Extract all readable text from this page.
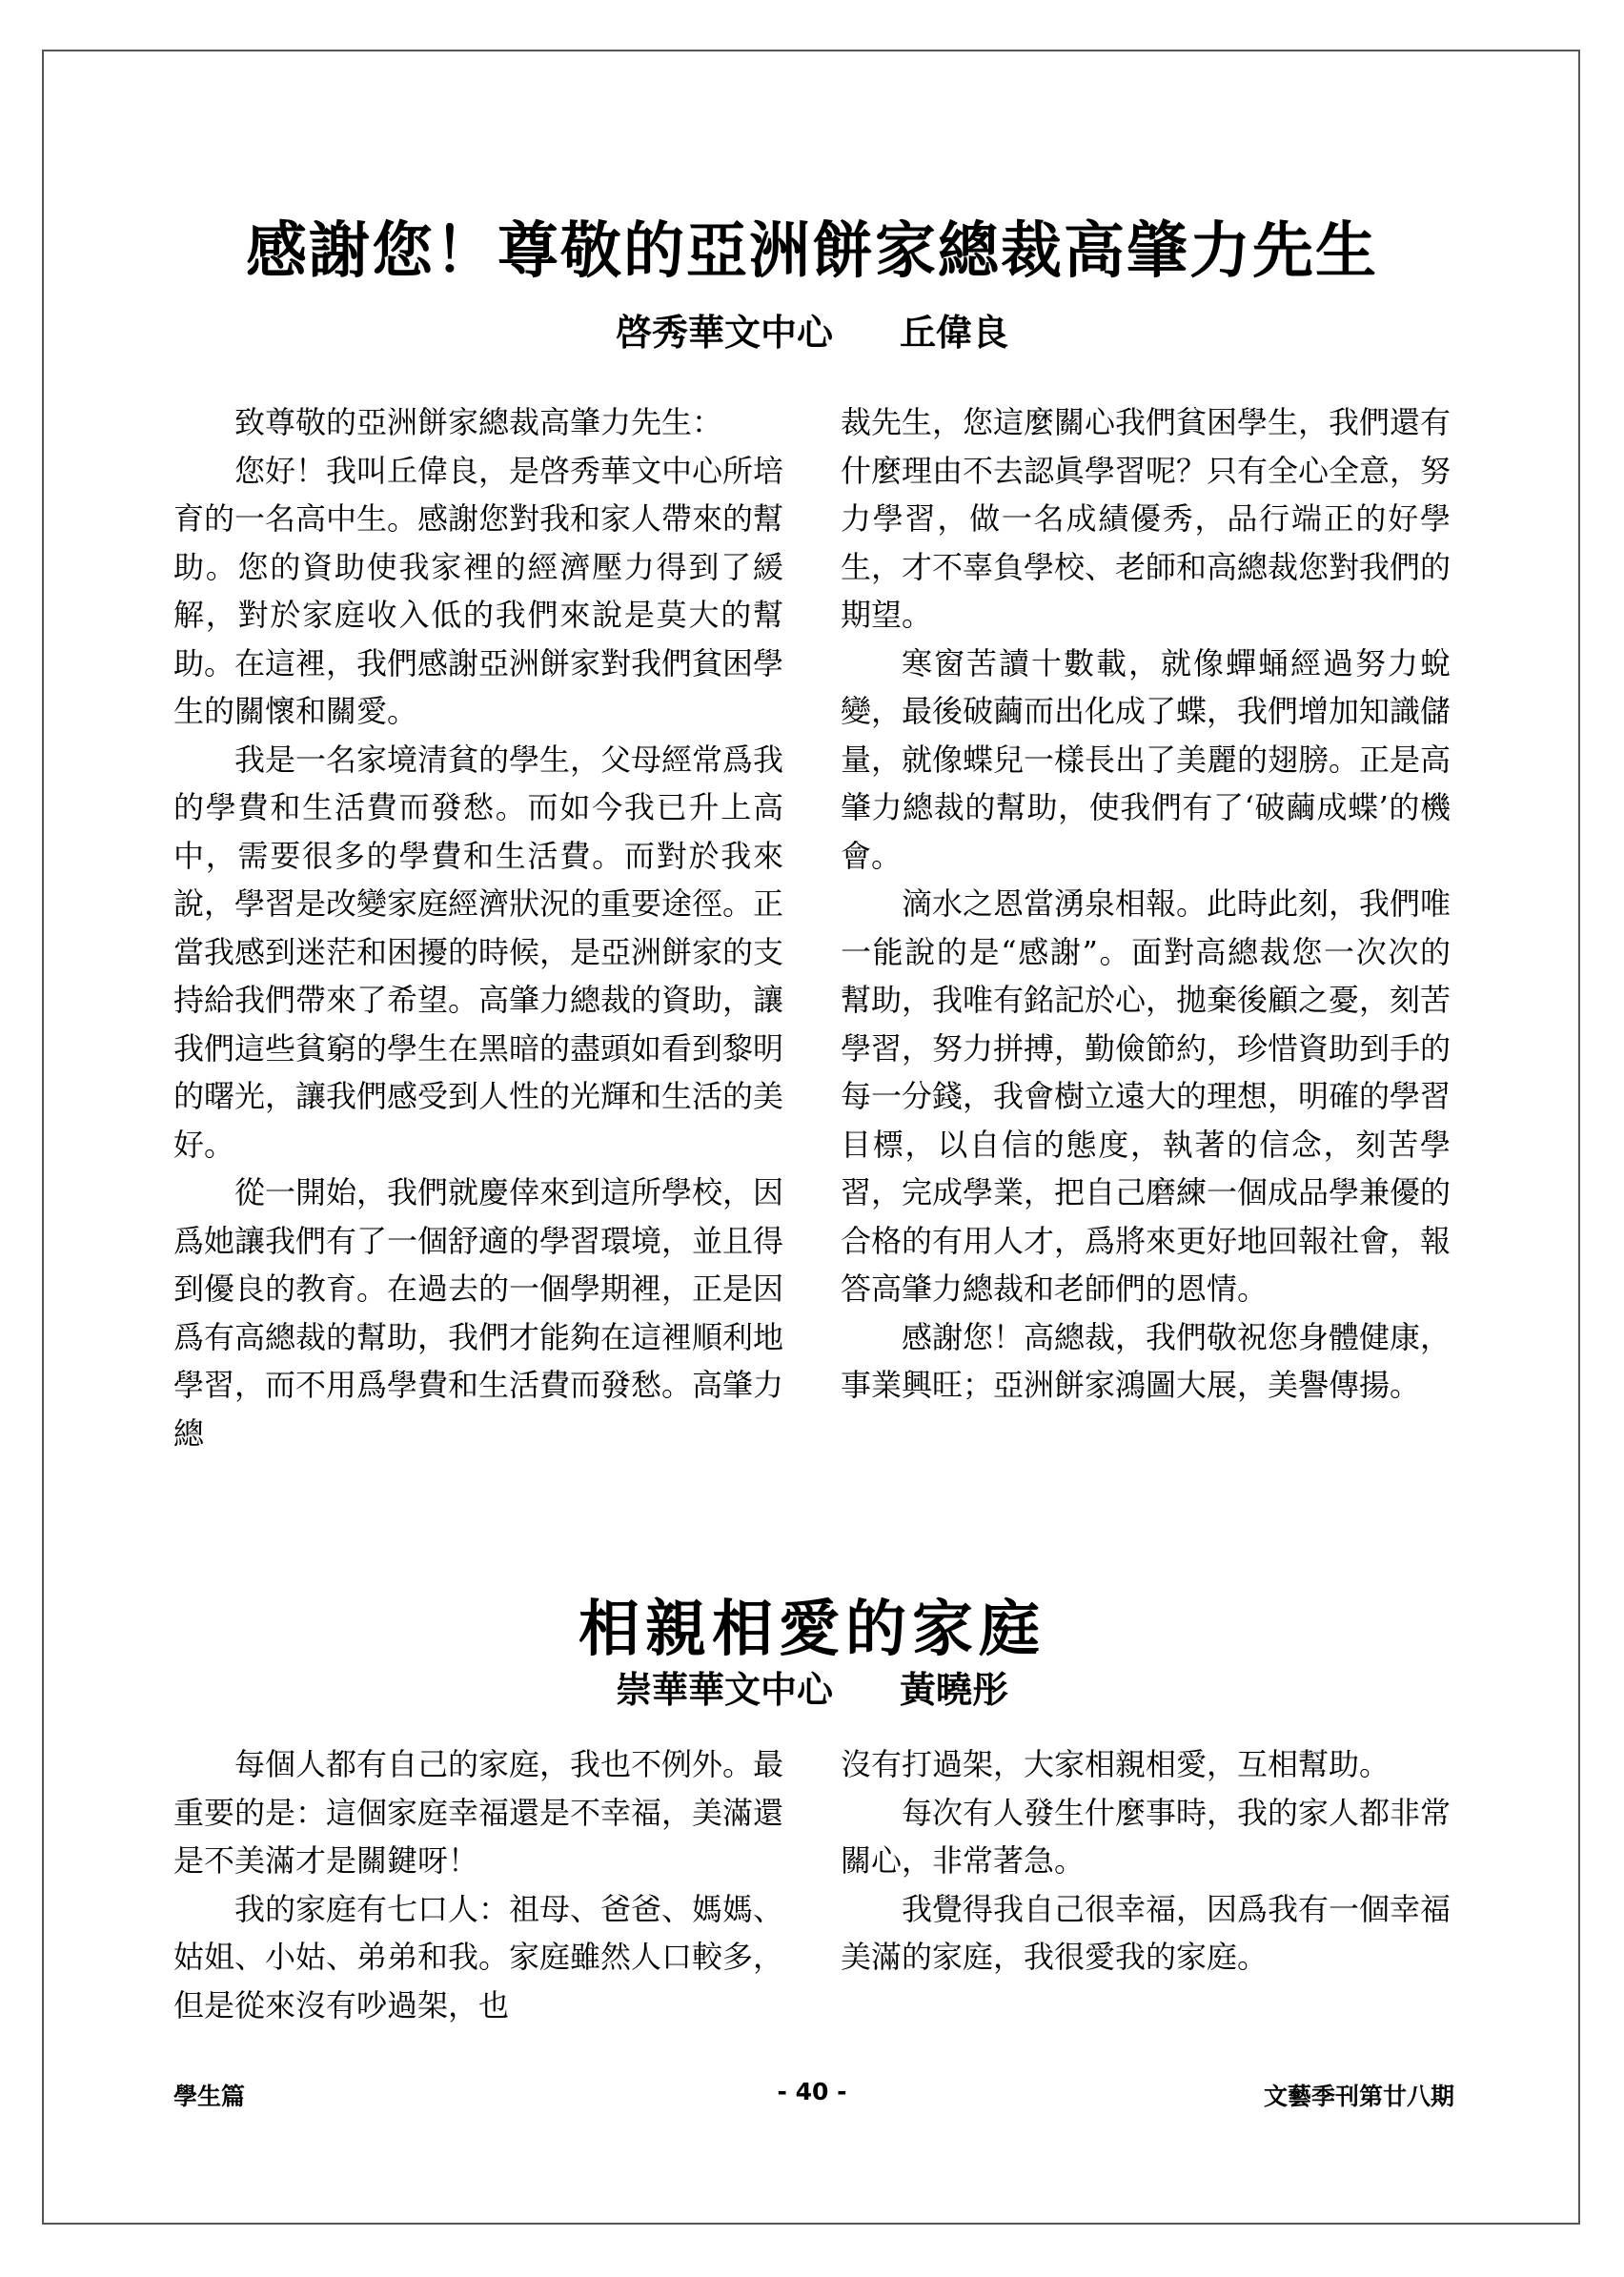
感謝您！尊敬的亞洲餅家總裁高肇力先生
啓秀華文中心 丘偉良

致尊敬的亞洲餅家總裁高肇力先生：

您好！我叫丘偉良，是啓秀華文中心所培育的一名高中生。感謝您對我和家人帶來的幫助。您的資助使我家裡的經濟壓力得到了緩解，對於家庭收入低的我們來說是莫大的幫助。在這裡，我們感謝亞洲餅家對我們貧困學生的關懷和關愛。

我是一名家境清貧的學生，父母經常爲我的學費和生活費而發愁。而如今我已升上高中，需要很多的學費和生活費。而對於我來說，學習是改變家庭經濟狀況的重要途徑。正當我感到迷茫和困擾的時候，是亞洲餅家的支持給我們帶來了希望。高肇力總裁的資助，讓我們這些貧窮的學生在黑暗的盡頭如看到黎明的曙光，讓我們感受到人性的光輝和生活的美好。

從一開始，我們就慶倖來到這所學校，因爲她讓我們有了一個舒適的學習環境，並且得到優良的教育。在過去的一個學期裡，正是因爲有高總裁的幫助，我們才能夠在這裡順利地學習，而不用爲學費和生活費而發愁。高肇力總

裁先生，您這麼關心我們貧困學生，我們還有什麼理由不去認眞學習呢？只有全心全意，努力學習，做一名成績優秀，品行端正的好學生，才不辜負學校、老師和高總裁您對我們的期望。

寒窗苦讀十數載，就像蟬蛹經過努力蛻變，最後破繭而出化成了蝶，我們增加知識儲量，就像蝶兒一樣長出了美麗的翅膀。正是高肇力總裁的幫助，使我們有了‘破繭成蝶’的機會。

滴水之恩當湧泉相報。此時此刻，我們唯一能說的是“感謝”。面對高總裁您一次次的幫助，我唯有銘記於心，拋棄後顧之憂，刻苦學習，努力拼搏，勤儉節約，珍惜資助到手的每一分錢，我會樹立遠大的理想，明確的學習目標，以自信的態度，執著的信念，刻苦學習，完成學業，把自己磨練一個成品學兼優的合格的有用人才，爲將來更好地回報社會，報答高肇力總裁和老師們的恩情。

感謝您！高總裁，我們敬祝您身體健康，事業興旺；亞洲餅家鴻圖大展，美譽傳揚。

相親相愛的家庭
崇華華文中心 黃曉彤

每個人都有自己的家庭，我也不例外。最重要的是：這個家庭幸福還是不幸福，美滿還是不美滿才是關鍵呀！

我的家庭有七口人：祖母、爸爸、媽媽、姑姐、小姑、弟弟和我。家庭雖然人口較多，但是從來沒有吵過架，也

沒有打過架，大家相親相愛，互相幫助。

每次有人發生什麼事時，我的家人都非常關心，非常著急。

我覺得我自己很幸福，因爲我有一個幸福美滿的家庭，我很愛我的家庭。

學生篇	- 40 -	文藝季刊第廿八期
